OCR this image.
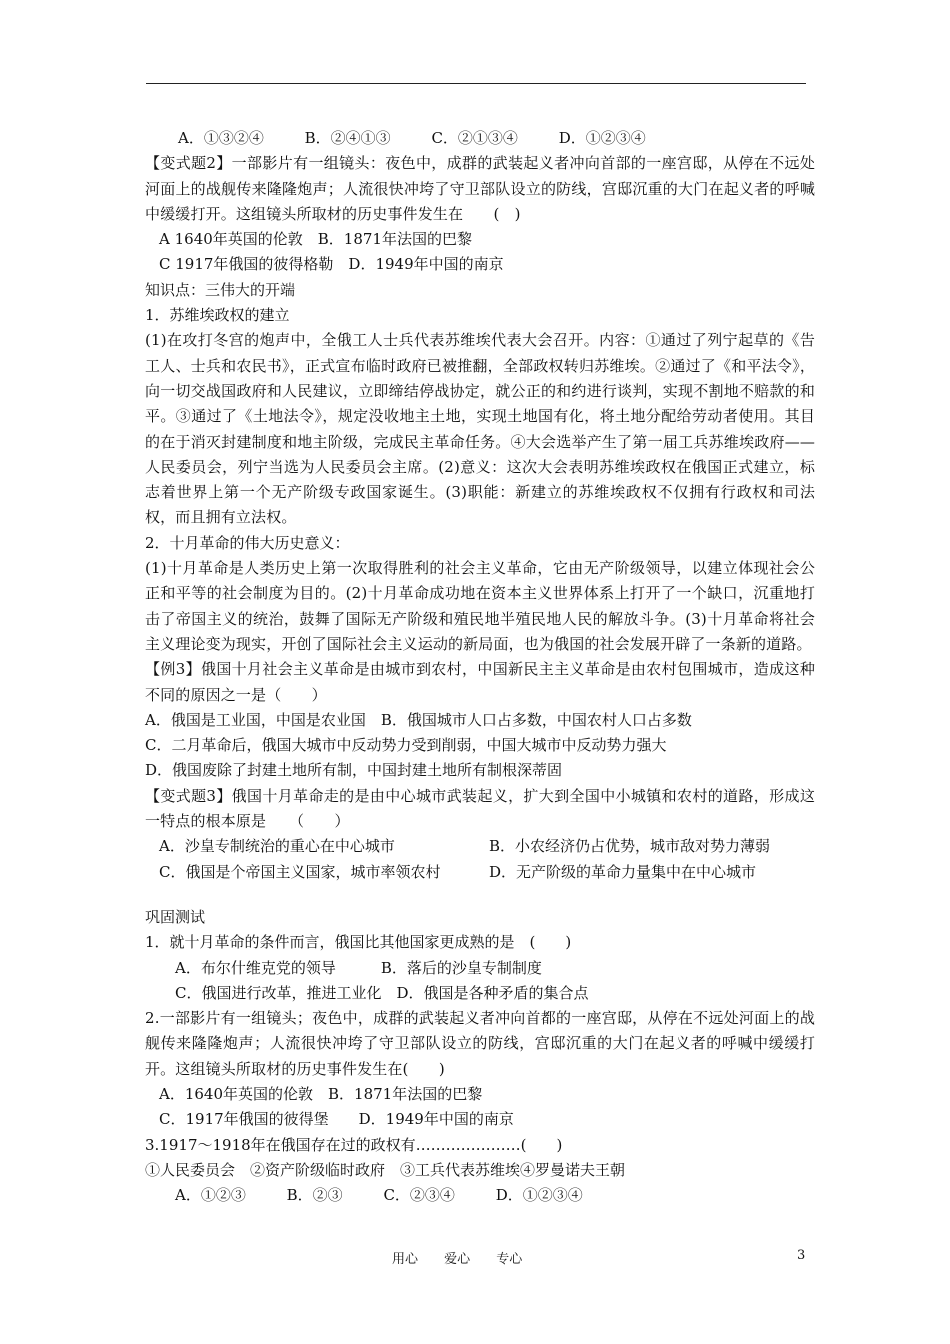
A．①③②④	B．②④①③	C．②①③④	D．①②③④
【变式题2】一部影片有一组镜头：夜色中，成群的武装起义者冲向首部的一座宫邸，从停在不远处河面上的战舰传来隆隆炮声；人流很快冲垮了守卫部队设立的防线，宫邸沉重的大门在起义者的呼喊中缓缓打开。这组镜头所取材的历史事件发生在　　(　)
A 1640年英国的伦敦　B．1871年法国的巴黎
C 1917年俄国的彼得格勒　D．1949年中国的南京
知识点：三伟大的开端
1．苏维埃政权的建立
(1)在攻打冬宫的炮声中，全俄工人士兵代表苏维埃代表大会召开。内容：①通过了列宁起草的《告工人、士兵和农民书》，正式宣布临时政府已被推翻，全部政权转归苏维埃。②通过了《和平法令》，向一切交战国政府和人民建议，立即缔结停战协定，就公正的和约进行谈判，实现不割地不赔款的和平。③通过了《土地法令》，规定没收地主土地，实现土地国有化，将土地分配给劳动者使用。其目的在于消灭封建制度和地主阶级，完成民主革命任务。④大会选举产生了第一届工兵苏维埃政府——人民委员会，列宁当选为人民委员会主席。(2)意义：这次大会表明苏维埃政权在俄国正式建立，标志着世界上第一个无产阶级专政国家诞生。(3)职能：新建立的苏维埃政权不仅拥有行政权和司法权，而且拥有立法权。
2．十月革命的伟大历史意义：
(1)十月革命是人类历史上第一次取得胜利的社会主义革命，它由无产阶级领导，以建立体现社会公正和平等的社会制度为目的。(2)十月革命成功地在资本主义世界体系上打开了一个缺口，沉重地打击了帝国主义的统治，鼓舞了国际无产阶级和殖民地半殖民地人民的解放斗争。(3)十月革命将社会主义理论变为现实，开创了国际社会主义运动的新局面，也为俄国的社会发展开辟了一条新的道路。
【例3】俄国十月社会主义革命是由城市到农村，中国新民主主义革命是由农村包围城市，造成这种不同的原因之一是（　　）
A．俄国是工业国，中国是农业国　B．俄国城市人口占多数，中国农村人口占多数
C．二月革命后，俄国大城市中反动势力受到削弱，中国大城市中反动势力强大
D．俄国废除了封建土地所有制，中国封建土地所有制根深蒂固
【变式题3】俄国十月革命走的是由中心城市武装起义，扩大到全国中小城镇和农村的道路，形成这一特点的根本原是　　（　　）
A．沙皇专制统治的重心在中心城市	B．小农经济仍占优势，城市敌对势力薄弱
C．俄国是个帝国主义国家，城市率领农村	D．无产阶级的革命力量集中在中心城市
巩固测试
1．就十月革命的条件而言，俄国比其他国家更成熟的是　(　　)
A．布尔什维克党的领导　　　B．落后的沙皇专制制度
C．俄国进行改革，推进工业化　D．俄国是各种矛盾的集合点
2.一部影片有一组镜头；夜色中，成群的武装起义者冲向首都的一座宫邸，从停在不远处河面上的战舰传来隆隆炮声；人流很快冲垮了守卫部队设立的防线，宫邸沉重的大门在起义者的呼喊中缓缓打开。这组镜头所取材的历史事件发生在(　　)
A．1640年英国的伦敦　B．1871年法国的巴黎
C．1917年俄国的彼得堡　　D．1949年中国的南京
3.1917～1918年在俄国存在过的政权有…………………(　　)
①人民委员会　②资产阶级临时政府　③工兵代表苏维埃④罗曼诺夫王朝
A．①②③	B．②③	C．②③④	D．①②③④
用心 爱心 专心	3
